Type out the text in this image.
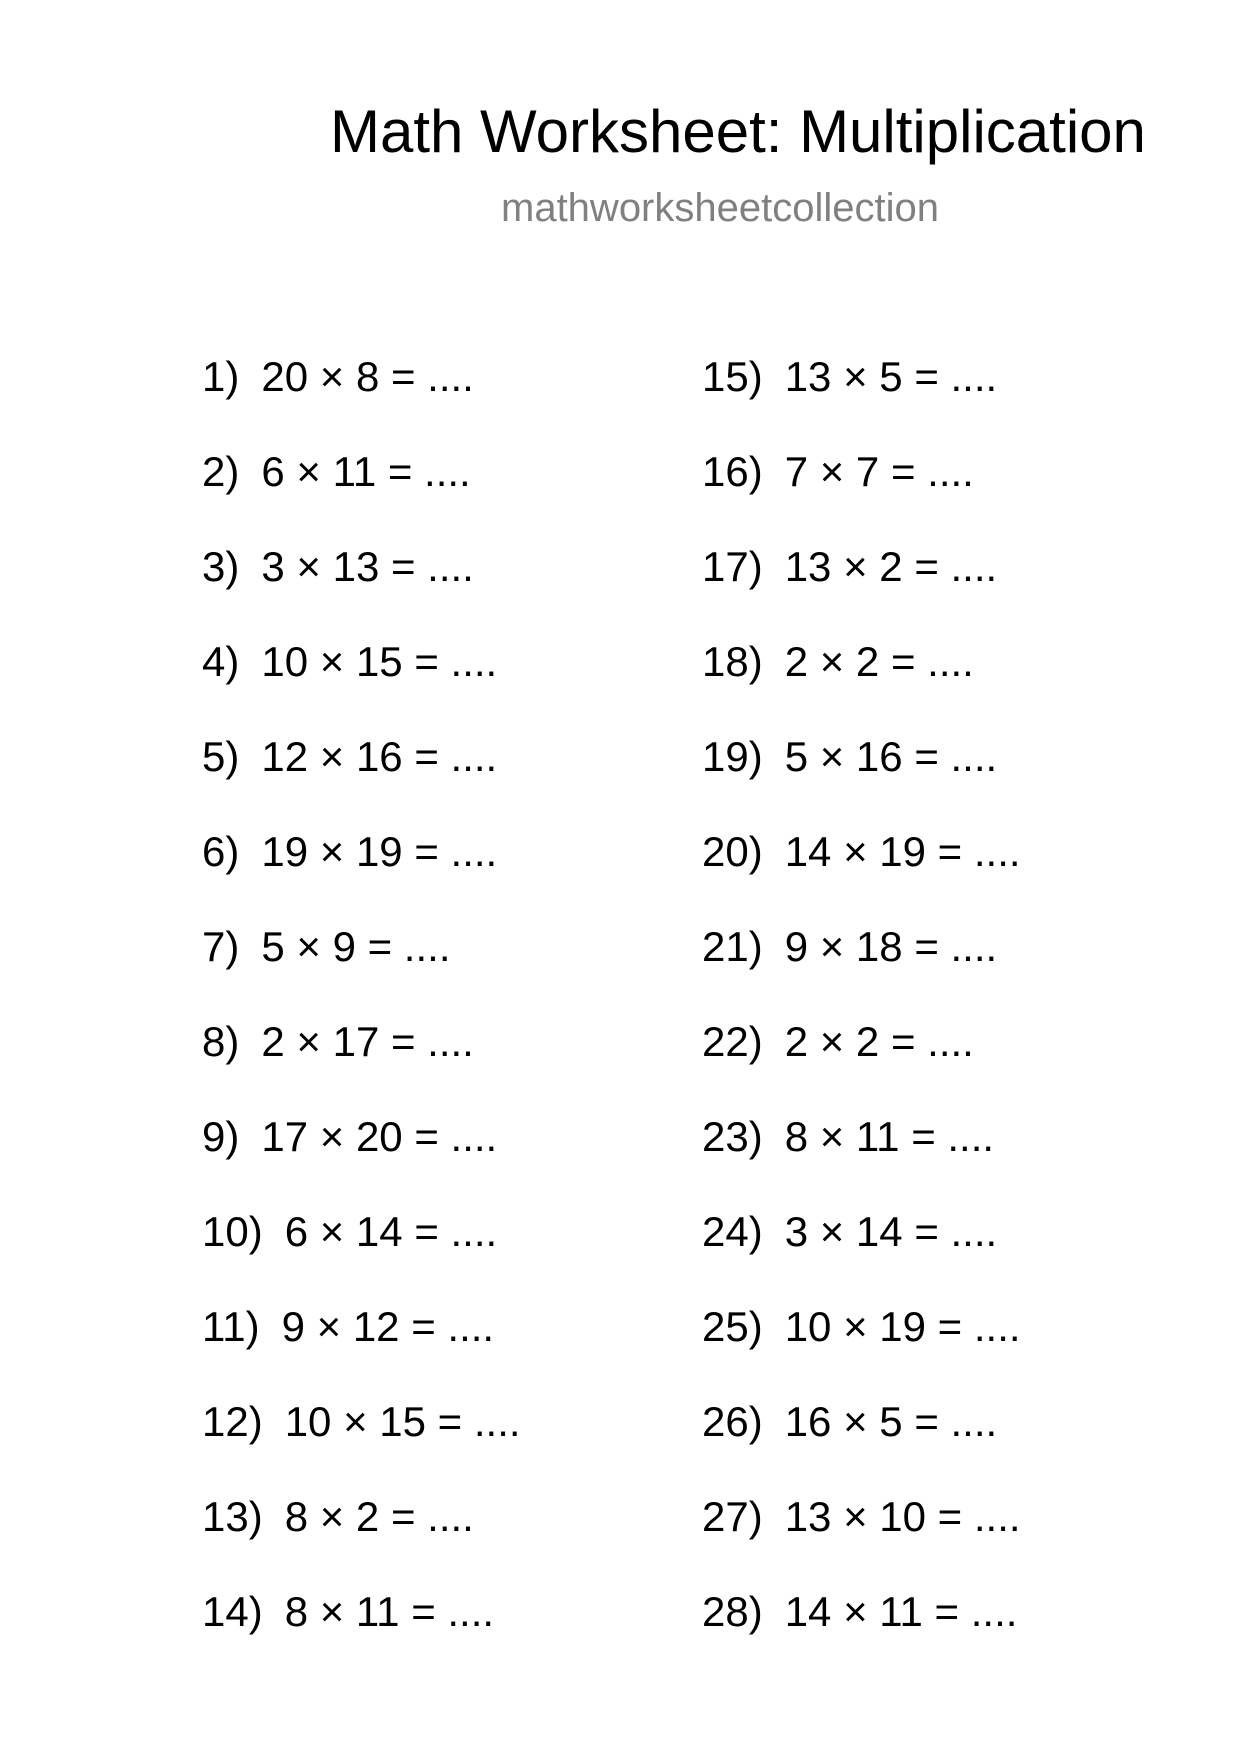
Math Worksheet: Multiplication
mathworksheetcollection
1) 20 × 8 = ....
2) 6 × 11 = ....
3) 3 × 13 = ....
4) 10 × 15 = ....
5) 12 × 16 = ....
6) 19 × 19 = ....
7) 5 × 9 = ....
8) 2 × 17 = ....
9) 17 × 20 = ....
10) 6 × 14 = ....
11) 9 × 12 = ....
12) 10 × 15 = ....
13) 8 × 2 = ....
14) 8 × 11 = ....
15) 13 × 5 = ....
16) 7 × 7 = ....
17) 13 × 2 = ....
18) 2 × 2 = ....
19) 5 × 16 = ....
20) 14 × 19 = ....
21) 9 × 18 = ....
22) 2 × 2 = ....
23) 8 × 11 = ....
24) 3 × 14 = ....
25) 10 × 19 = ....
26) 16 × 5 = ....
27) 13 × 10 = ....
28) 14 × 11 = ....
